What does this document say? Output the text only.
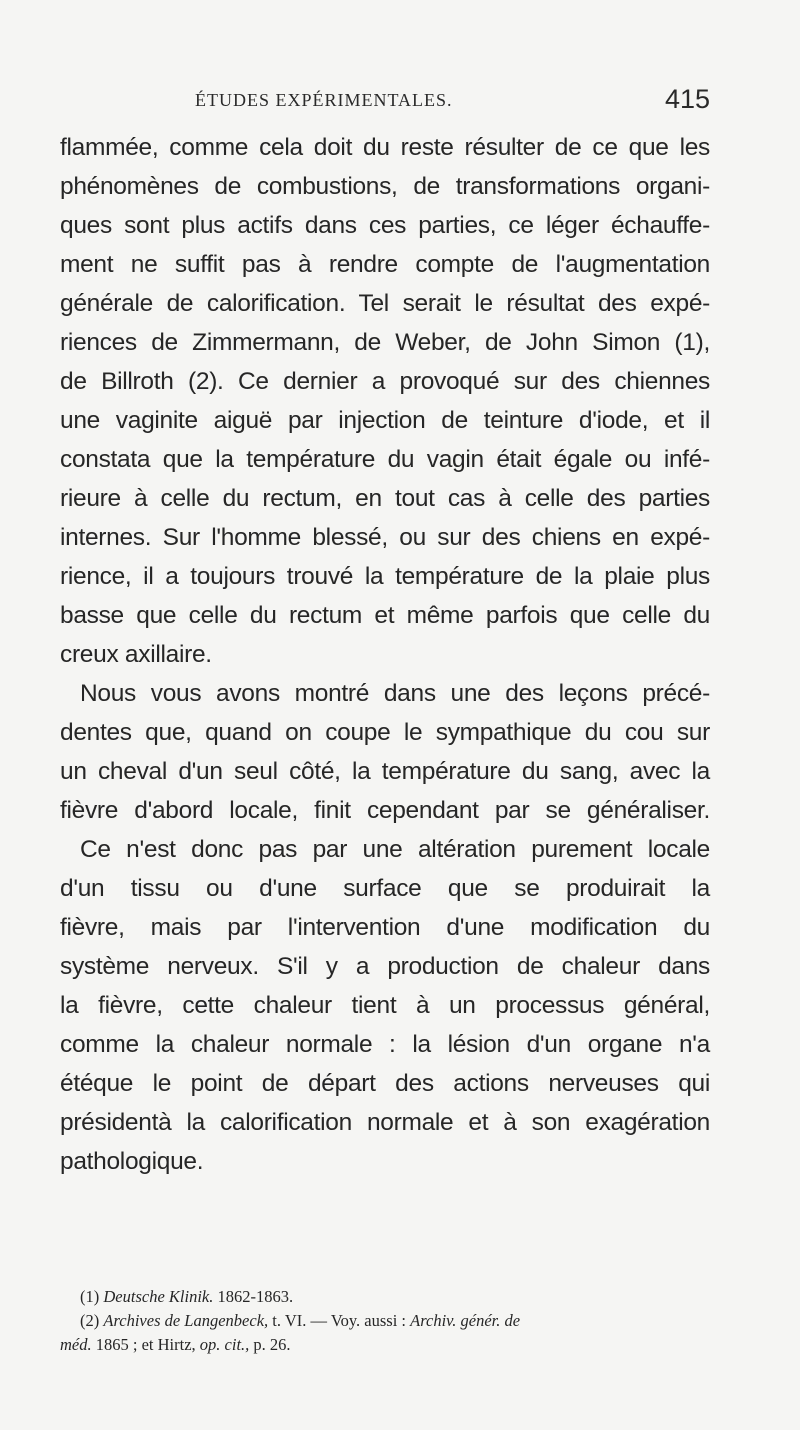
ÉTUDES EXPÉRIMENTALES.	415
flammée, comme cela doit du reste résulter de ce que les
phénomènes de combustions, de transformations organi-
ques sont plus actifs dans ces parties, ce léger échauffe-
ment ne suffit pas à rendre compte de l'augmentation
générale de calorification. Tel serait le résultat des expé-
riences de Zimmermann, de Weber, de John Simon (1),
de Billroth (2). Ce dernier a provoqué sur des chiennes
une vaginite aiguë par injection de teinture d'iode, et il
constata que la température du vagin était égale ou infé-
rieure à celle du rectum, en tout cas à celle des parties
internes. Sur l'homme blessé, ou sur des chiens en expé-
rience, il a toujours trouvé la température de la plaie plus
basse que celle du rectum et même parfois que celle du
creux axillaire.
Nous vous avons montré dans une des leçons précé-
dentes que, quand on coupe le sympathique du cou sur
un cheval d'un seul côté, la température du sang, avec la
fièvre d'abord locale, finit cependant par se généraliser.
Ce n'est donc pas par une altération purement locale
d'un tissu ou d'une surface que se produirait la
fièvre, mais par l'intervention d'une modification du
système nerveux. S'il y a production de chaleur dans
la fièvre, cette chaleur tient à un processus général,
comme la chaleur normale : la lésion d'un organe n'a
étéque le point de départ des actions nerveuses qui
présidentà la calorification normale et à son exagération
pathologique.
(1) Deutsche Klinik. 1862-1863.
(2) Archives de Langenbeck, t. VI. — Voy. aussi : Archiv. génér. de
méd. 1865 ; et Hirtz, op. cit., p. 26.
